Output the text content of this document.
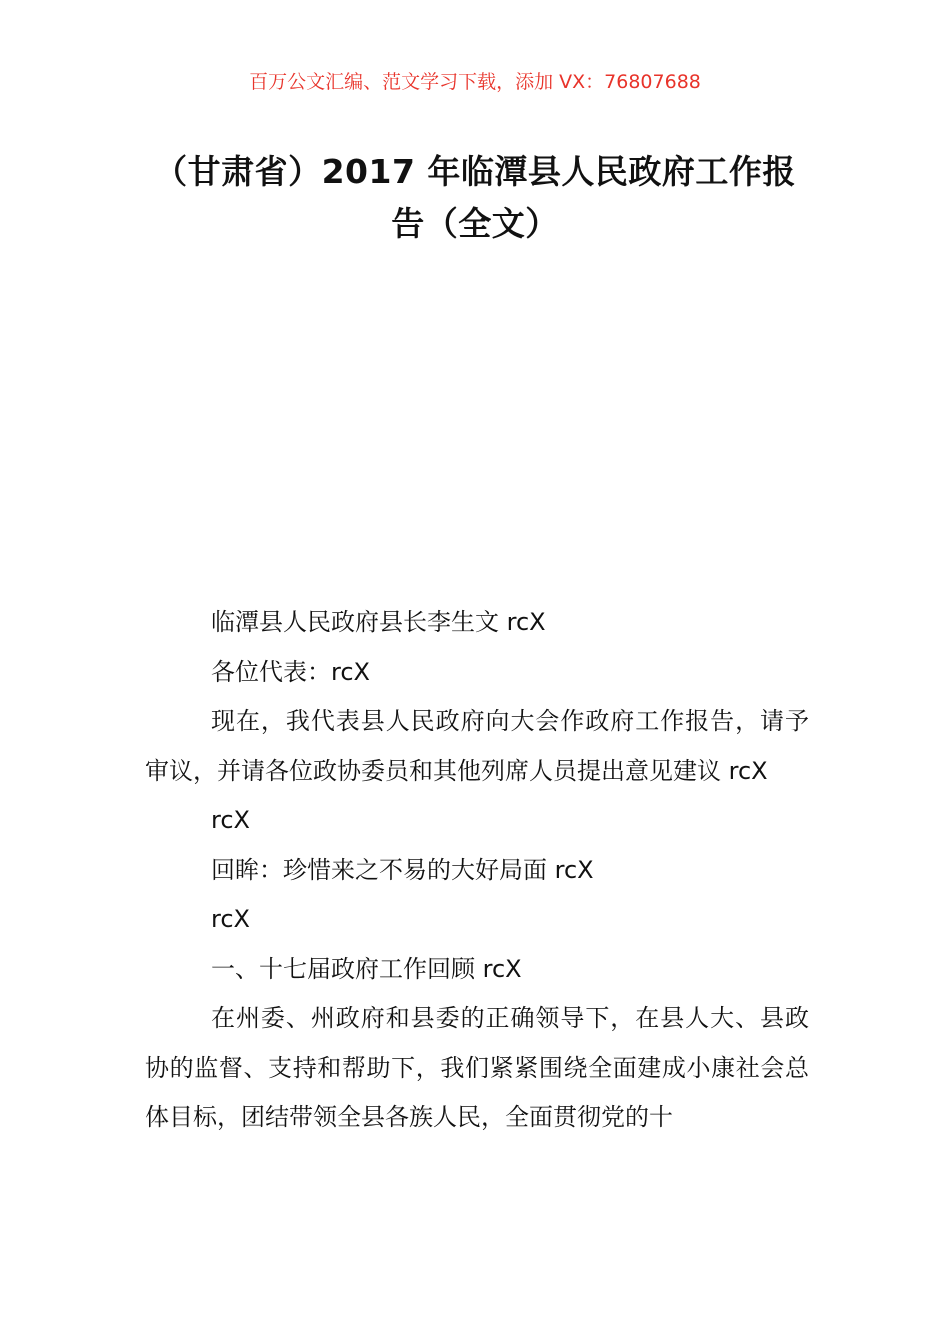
百万公文汇编、范文学习下载，添加 VX：76807688
（甘肃省）2017 年临潭县人民政府工作报告（全文）

临潭县人民政府县长李生文 rcX

各位代表：rcX

现在，我代表县人民政府向大会作政府工作报告，请予审议，并请各位政协委员和其他列席人员提出意见建议 rcX

rcX

回眸：珍惜来之不易的大好局面 rcX

rcX

一、十七届政府工作回顾 rcX

在州委、州政府和县委的正确领导下，在县人大、县政协的监督、支持和帮助下，我们紧紧围绕全面建成小康社会总体目标，团结带领全县各族人民，全面贯彻党的十
